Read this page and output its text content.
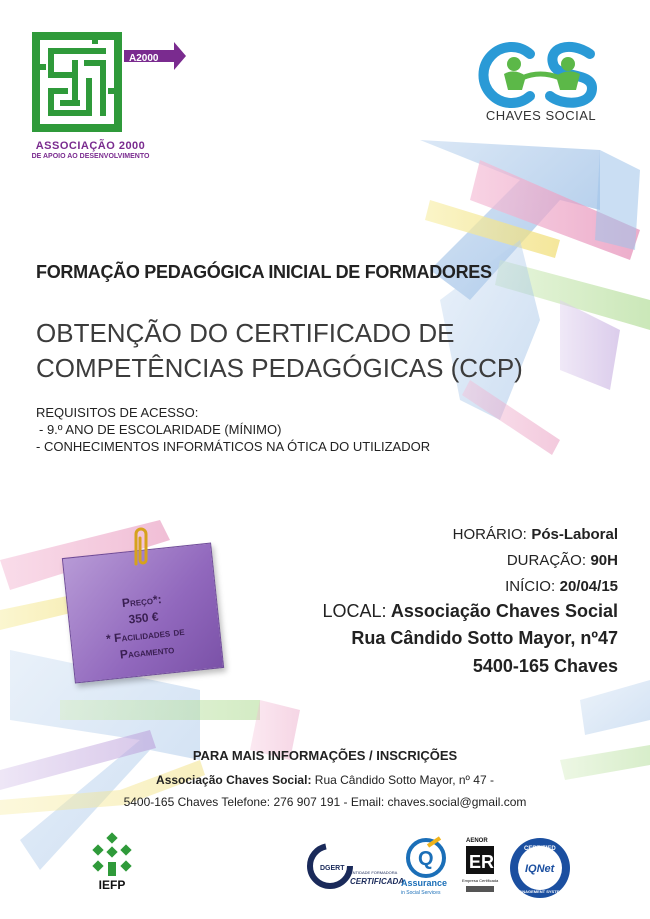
A2000
ASSOCIAÇÃO 2000
DE APOIO AO DESENVOLVIMENTO
CHAVES SOCIAL
FORMAÇÃO PEDAGÓGICA INICIAL DE FORMADORES
OBTENÇÃO DO CERTIFICADO DE
COMPETÊNCIAS PEDAGÓGICAS (CCP)
REQUISITOS DE ACESSO:
- 9.º ANO DE ESCOLARIDADE (MÍNIMO)
- CONHECIMENTOS INFORMÁTICOS NA ÓTICA DO UTILIZADOR
HORÁRIO: Pós-Laboral
DURAÇÃO: 90H
INÍCIO: 20/04/15
LOCAL: Associação Chaves Social
Rua Cândido Sotto Mayor, nº47
5400-165 Chaves
Preço*:
350 €
* Facilidades de
Pagamento
PARA MAIS INFORMAÇÕES / INSCRIÇÕES
Associação Chaves Social: Rua Cândido Sotto Mayor, nº 47 -
5400-165 Chaves Telefone: 276 907 191 - Email: chaves.social@gmail.com
IEFP
DGERT
ENTIDADE FORMADORA
CERTIFICADA
Q
Assurance
in Social Services
AENOR
ER
Empresa Certificada
CERTIFIED
IQNet
MANAGEMENT SYSTEM
